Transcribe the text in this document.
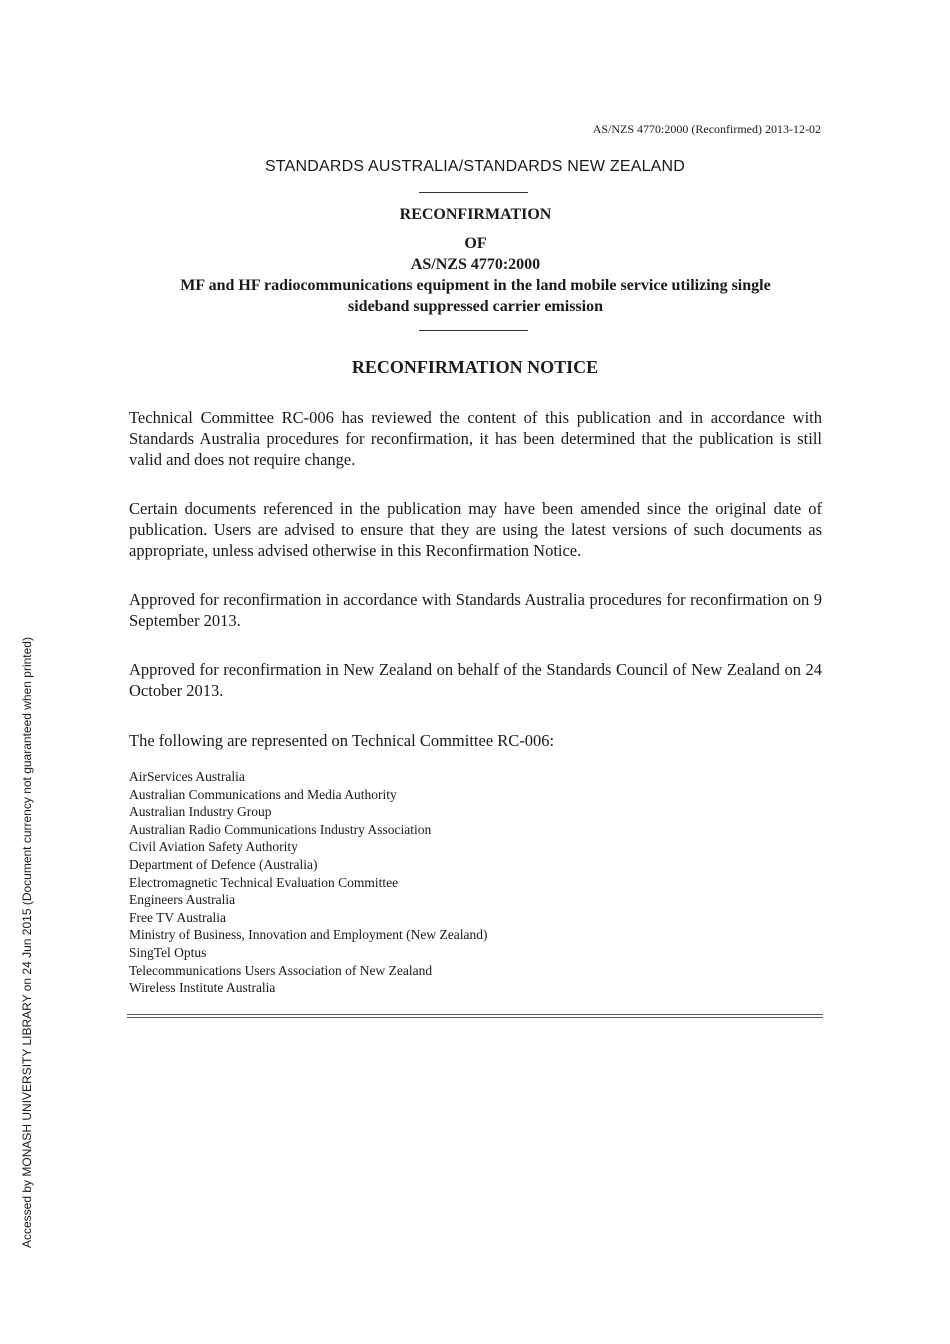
AS/NZS 4770:2000 (Reconfirmed) 2013-12-02
STANDARDS AUSTRALIA/STANDARDS NEW ZEALAND
RECONFIRMATION
OF
AS/NZS 4770:2000
MF and HF radiocommunications equipment in the land mobile service utilizing single
sideband suppressed carrier emission
RECONFIRMATION NOTICE

Technical Committee RC-006 has reviewed the content of this publication and in accordance with Standards Australia procedures for reconfirmation, it has been determined that the publication is still valid and does not require change.

Certain documents referenced in the publication may have been amended since the original date of publication. Users are advised to ensure that they are using the latest versions of such documents as appropriate, unless advised otherwise in this Reconfirmation Notice.

Approved for reconfirmation in accordance with Standards Australia procedures for reconfirmation on 9 September 2013.

Approved for reconfirmation in New Zealand on behalf of the Standards Council of New Zealand on 24 October 2013.

The following are represented on Technical Committee RC-006:

AirServices Australia
Australian Communications and Media Authority
Australian Industry Group
Australian Radio Communications Industry Association
Civil Aviation Safety Authority
Department of Defence (Australia)
Electromagnetic Technical Evaluation Committee
Engineers Australia
Free TV Australia
Ministry of Business, Innovation and Employment (New Zealand)
SingTel Optus
Telecommunications Users Association of New Zealand
Wireless Institute Australia
Accessed by MONASH UNIVERSITY LIBRARY on 24 Jun 2015 (Document currency not guaranteed when printed)
